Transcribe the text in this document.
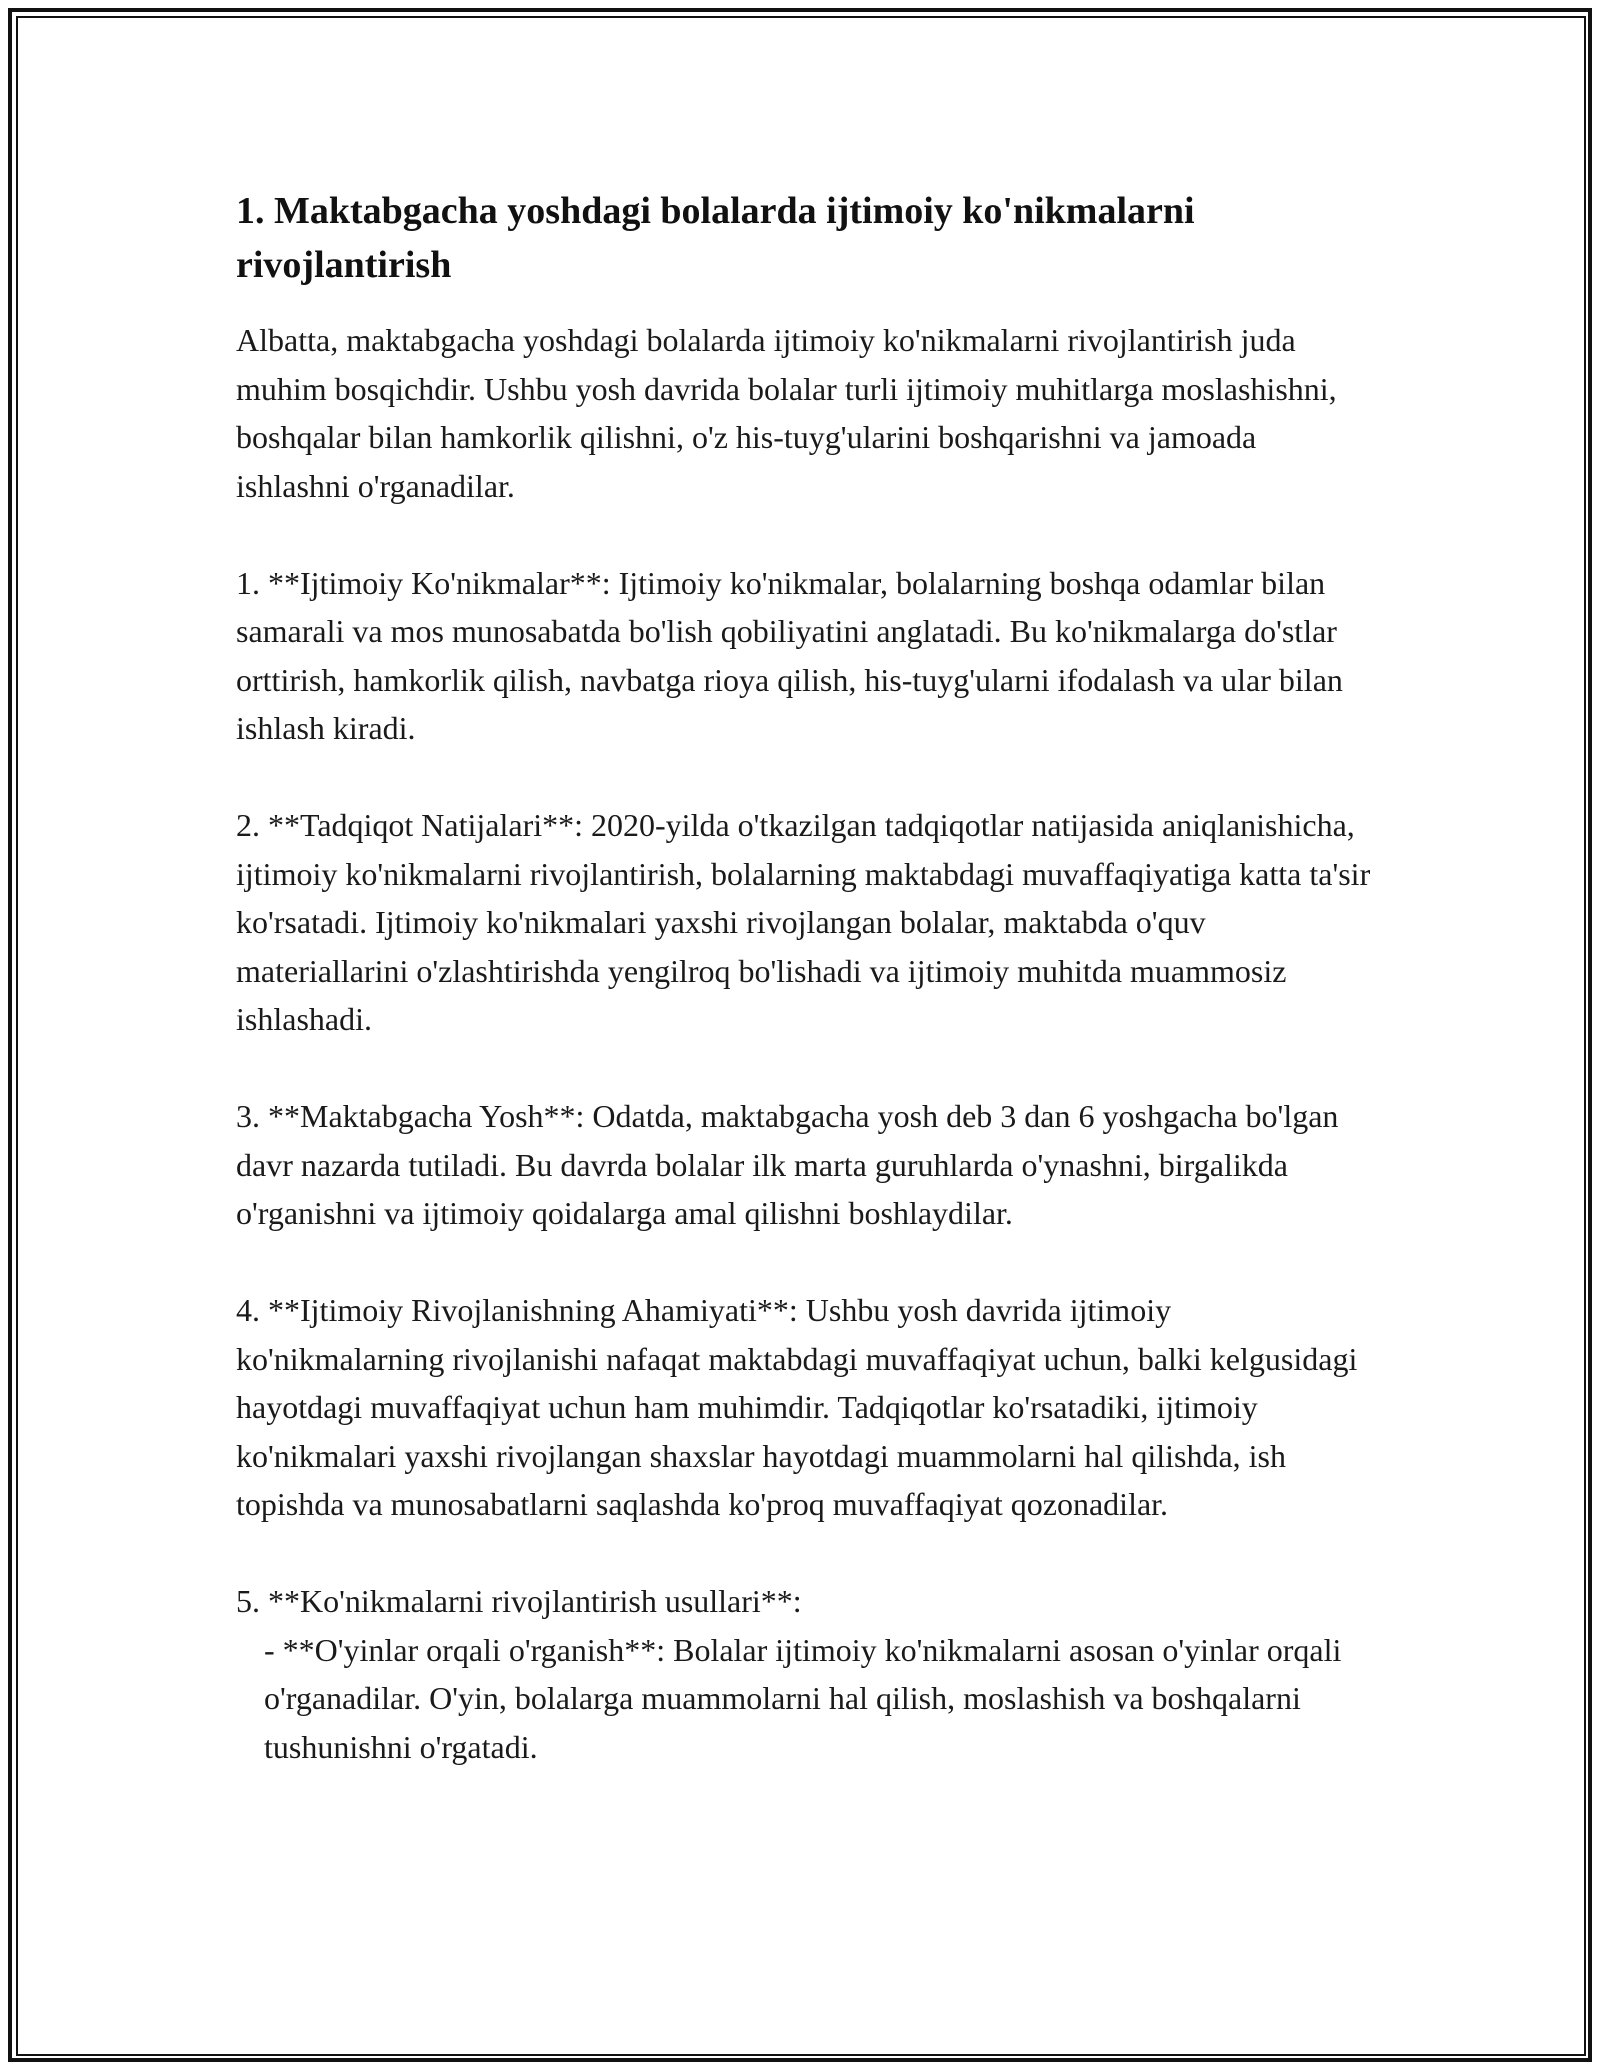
1. Maktabgacha yoshdagi bolalarda ijtimoiy ko'nikmalarni rivojlantirish

Albatta, maktabgacha yoshdagi bolalarda ijtimoiy ko'nikmalarni rivojlantirish juda muhim bosqichdir. Ushbu yosh davrida bolalar turli ijtimoiy muhitlarga moslashishni, boshqalar bilan hamkorlik qilishni, o'z his-tuyg'ularini boshqarishni va jamoada ishlashni o'rganadilar.

1. **Ijtimoiy Ko'nikmalar**: Ijtimoiy ko'nikmalar, bolalarning boshqa odamlar bilan samarali va mos munosabatda bo'lish qobiliyatini anglatadi. Bu ko'nikmalarga do'stlar orttirish, hamkorlik qilish, navbatga rioya qilish, his-tuyg'ularni ifodalash va ular bilan ishlash kiradi.

2. **Tadqiqot Natijalari**: 2020-yilda o'tkazilgan tadqiqotlar natijasida aniqlanishicha, ijtimoiy ko'nikmalarni rivojlantirish, bolalarning maktabdagi muvaffaqiyatiga katta ta'sir ko'rsatadi. Ijtimoiy ko'nikmalari yaxshi rivojlangan bolalar, maktabda o'quv materiallarini o'zlashtirishda yengilroq bo'lishadi va ijtimoiy muhitda muammosiz ishlashadi.

3. **Maktabgacha Yosh**: Odatda, maktabgacha yosh deb 3 dan 6 yoshgacha bo'lgan davr nazarda tutiladi. Bu davrda bolalar ilk marta guruhlarda o'ynashni, birgalikda o'rganishni va ijtimoiy qoidalarga amal qilishni boshlaydilar.

4. **Ijtimoiy Rivojlanishning Ahamiyati**: Ushbu yosh davrida ijtimoiy ko'nikmalarning rivojlanishi nafaqat maktabdagi muvaffaqiyat uchun, balki kelgusidagi hayotdagi muvaffaqiyat uchun ham muhimdir. Tadqiqotlar ko'rsatadiki, ijtimoiy ko'nikmalari yaxshi rivojlangan shaxslar hayotdagi muammolarni hal qilishda, ish topishda va munosabatlarni saqlashda ko'proq muvaffaqiyat qozonadilar.

5. **Ko'nikmalarni rivojlantirish usullari**:

- **O'yinlar orqali o'rganish**: Bolalar ijtimoiy ko'nikmalarni asosan o'yinlar orqali o'rganadilar. O'yin, bolalarga muammolarni hal qilish, moslashish va boshqalarni tushunishni o'rgatadi.
